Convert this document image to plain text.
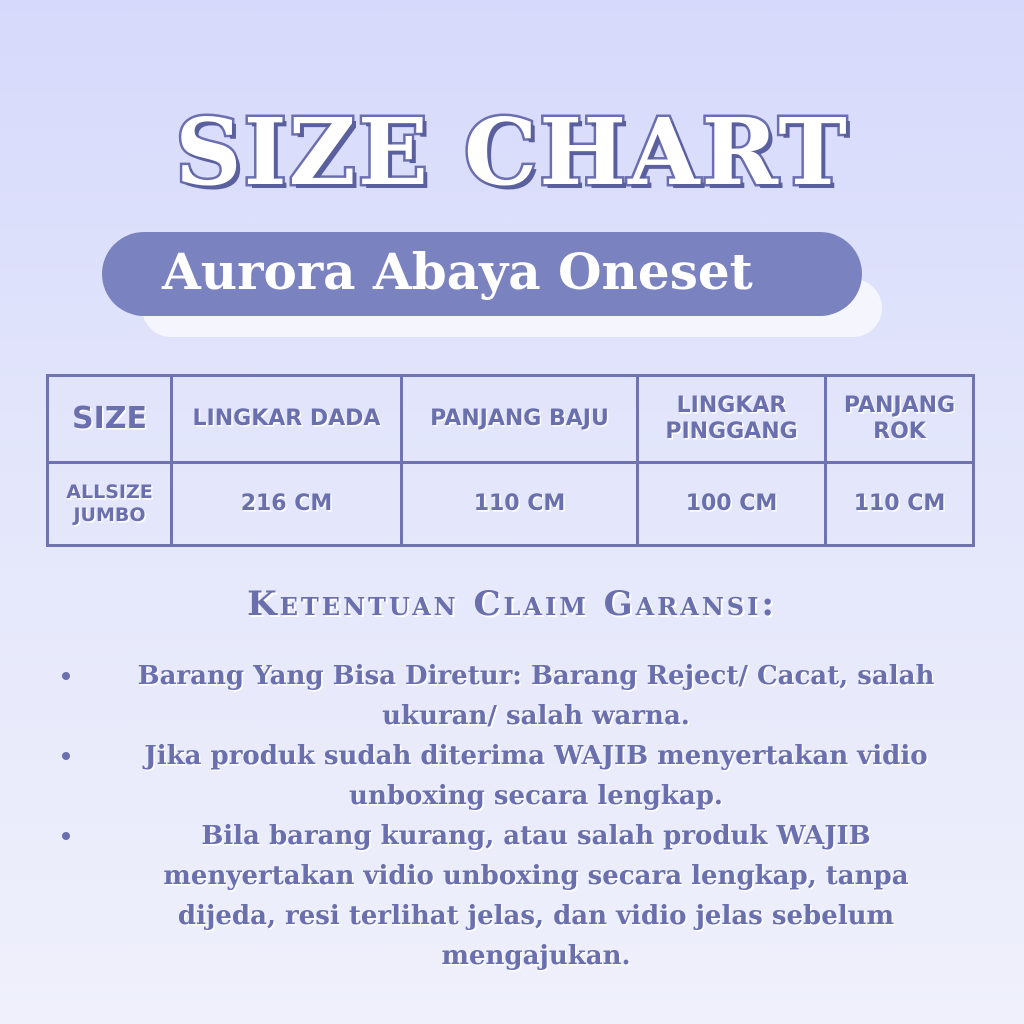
SIZE CHART
Aurora Abaya Oneset
SIZE	LINGKAR DADA	PANJANG BAJU	LINGKAR PINGGANG	PANJANG ROK
ALLSIZE JUMBO	216 CM	110 CM	100 CM	110 CM
Ketentuan Claim Garansi:
Barang Yang Bisa Diretur: Barang Reject/ Cacat, salah ukuran/ salah warna.
Jika produk sudah diterima WAJIB menyertakan vidio unboxing secara lengkap.
Bila barang kurang, atau salah produk WAJIB menyertakan vidio unboxing secara lengkap, tanpa dijeda, resi terlihat jelas, dan vidio jelas sebelum mengajukan.
